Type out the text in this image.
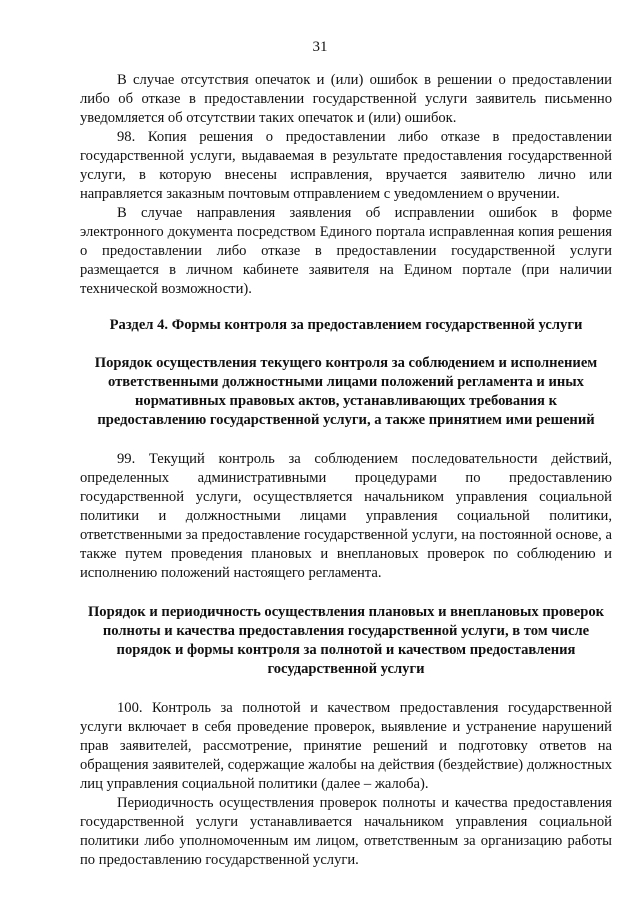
31

В случае отсутствия опечаток и (или) ошибок в решении о предоставлении либо об отказе в предоставлении государственной услуги заявитель письменно уведомляется об отсутствии таких опечаток и (или) ошибок.

98. Копия решения о предоставлении либо отказе в предоставлении государственной услуги, выдаваемая в результате предоставления государственной услуги, в которую внесены исправления, вручается заявителю лично или направляется заказным почтовым отправлением с уведомлением о вручении.

В случае направления заявления об исправлении ошибок в форме электронного документа посредством Единого портала исправленная копия решения о предоставлении либо отказе в предоставлении государственной услуги размещается в личном кабинете заявителя на Едином портале (при наличии технической возможности).

Раздел 4. Формы контроля за предоставлением государственной услуги

Порядок осуществления текущего контроля за соблюдением и исполнением ответственными должностными лицами положений регламента и иных нормативных правовых актов, устанавливающих требования к предоставлению государственной услуги, а также принятием ими решений

99. Текущий контроль за соблюдением последовательности действий, определенных административными процедурами по предоставлению государственной услуги, осуществляется начальником управления социальной политики и должностными лицами управления социальной политики, ответственными за предоставление государственной услуги, на постоянной основе, а также путем проведения плановых и внеплановых проверок по соблюдению и исполнению положений настоящего регламента.

Порядок и периодичность осуществления плановых и внеплановых проверок полноты и качества предоставления государственной услуги, в том числе порядок и формы контроля за полнотой и качеством предоставления государственной услуги

100. Контроль за полнотой и качеством предоставления государственной услуги включает в себя проведение проверок, выявление и устранение нарушений прав заявителей, рассмотрение, принятие решений и подготовку ответов на обращения заявителей, содержащие жалобы на действия (бездействие) должностных лиц управления социальной политики (далее – жалоба).

Периодичность осуществления проверок полноты и качества предоставления государственной услуги устанавливается начальником управления социальной политики либо уполномоченным им лицом, ответственным за организацию работы по предоставлению государственной услуги.
